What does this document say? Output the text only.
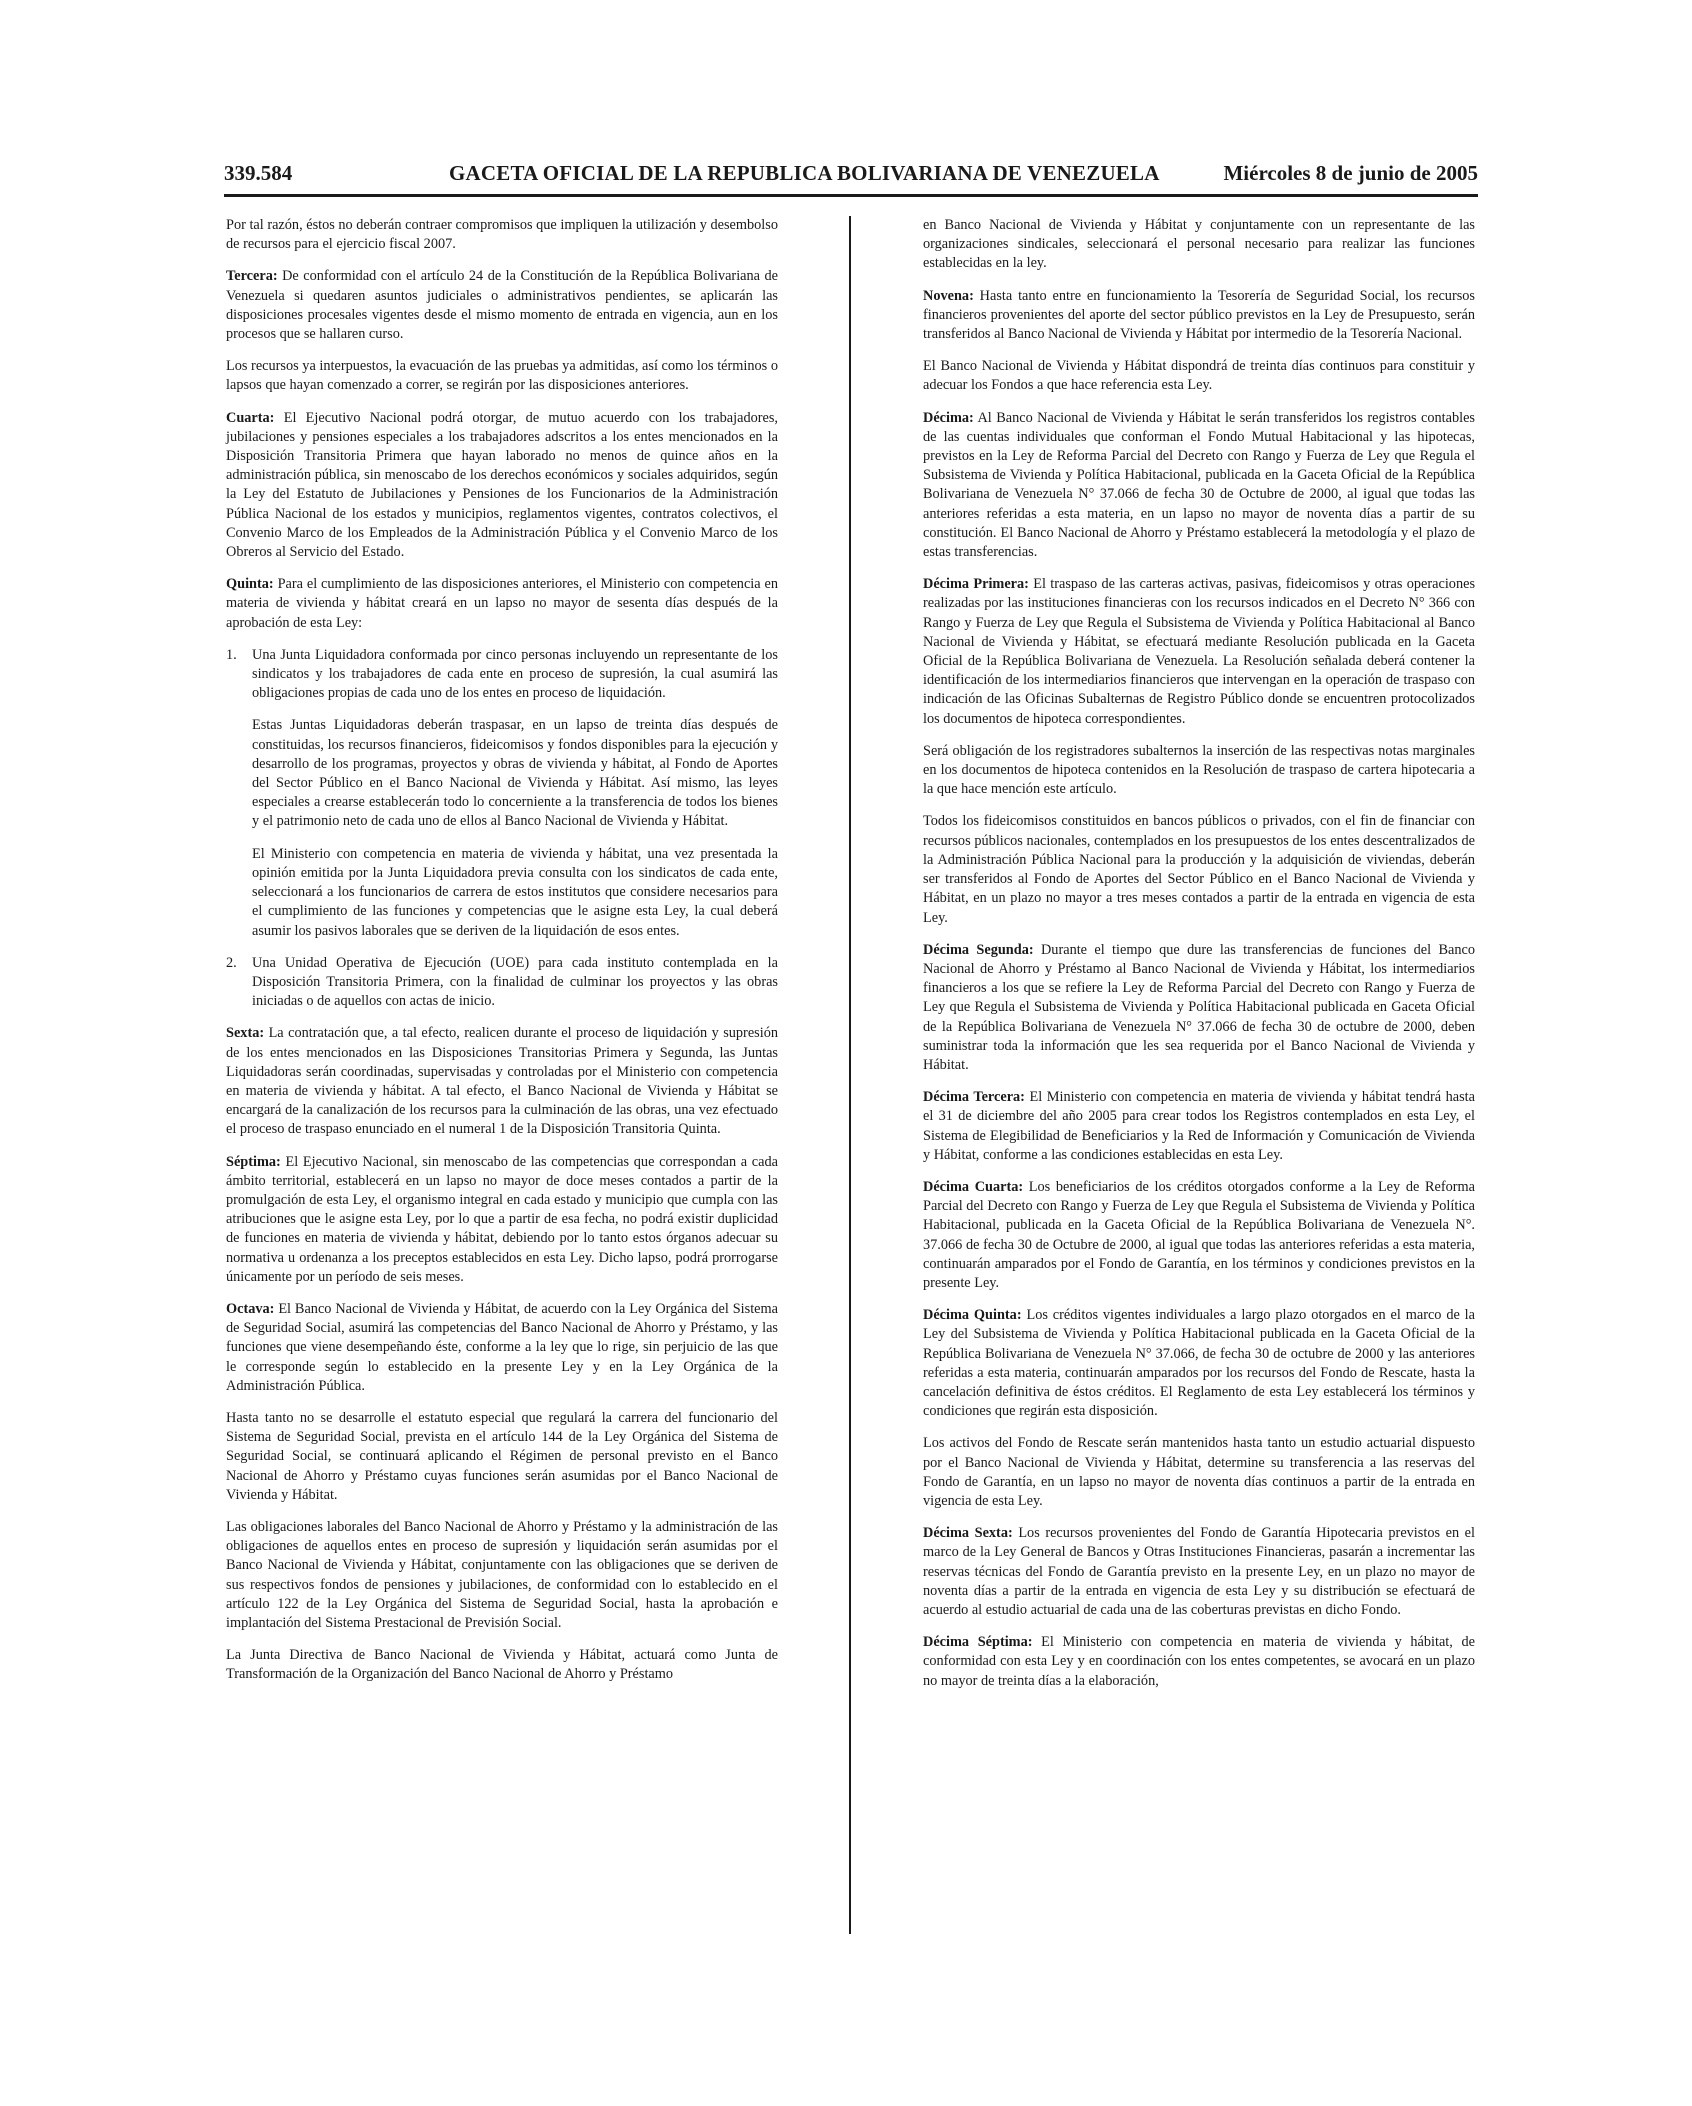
339.584	GACETA OFICIAL DE LA REPUBLICA BOLIVARIANA DE VENEZUELA	Miércoles 8 de junio de 2005

Por tal razón, éstos no deberán contraer compromisos que impliquen la utilización y desembolso de recursos para el ejercicio fiscal 2007.

Tercera: De conformidad con el artículo 24 de la Constitución de la República Bolivariana de Venezuela si quedaren asuntos judiciales o administrativos pendientes, se aplicarán las disposiciones procesales vigentes desde el mismo momento de entrada en vigencia, aun en los procesos que se hallaren curso.

Los recursos ya interpuestos, la evacuación de las pruebas ya admitidas, así como los términos o lapsos que hayan comenzado a correr, se regirán por las disposiciones anteriores.

Cuarta: El Ejecutivo Nacional podrá otorgar, de mutuo acuerdo con los trabajadores, jubilaciones y pensiones especiales a los trabajadores adscritos a los entes mencionados en la Disposición Transitoria Primera que hayan laborado no menos de quince años en la administración pública, sin menoscabo de los derechos económicos y sociales adquiridos, según la Ley del Estatuto de Jubilaciones y Pensiones de los Funcionarios de la Administración Pública Nacional de los estados y municipios, reglamentos vigentes, contratos colectivos, el Convenio Marco de los Empleados de la Administración Pública y el Convenio Marco de los Obreros al Servicio del Estado.

Quinta: Para el cumplimiento de las disposiciones anteriores, el Ministerio con competencia en materia de vivienda y hábitat creará en un lapso no mayor de sesenta días después de la aprobación de esta Ley:

1. Una Junta Liquidadora conformada por cinco personas incluyendo un representante de los sindicatos y los trabajadores de cada ente en proceso de supresión, la cual asumirá las obligaciones propias de cada uno de los entes en proceso de liquidación.

Estas Juntas Liquidadoras deberán traspasar, en un lapso de treinta días después de constituidas, los recursos financieros, fideicomisos y fondos disponibles para la ejecución y desarrollo de los programas, proyectos y obras de vivienda y hábitat, al Fondo de Aportes del Sector Público en el Banco Nacional de Vivienda y Hábitat. Así mismo, las leyes especiales a crearse establecerán todo lo concerniente a la transferencia de todos los bienes y el patrimonio neto de cada uno de ellos al Banco Nacional de Vivienda y Hábitat.

El Ministerio con competencia en materia de vivienda y hábitat, una vez presentada la opinión emitida por la Junta Liquidadora previa consulta con los sindicatos de cada ente, seleccionará a los funcionarios de carrera de estos institutos que considere necesarios para el cumplimiento de las funciones y competencias que le asigne esta Ley, la cual deberá asumir los pasivos laborales que se deriven de la liquidación de esos entes.

2. Una Unidad Operativa de Ejecución (UOE) para cada instituto contemplada en la Disposición Transitoria Primera, con la finalidad de culminar los proyectos y las obras iniciadas o de aquellos con actas de inicio.

Sexta: La contratación que, a tal efecto, realicen durante el proceso de liquidación y supresión de los entes mencionados en las Disposiciones Transitorias Primera y Segunda, las Juntas Liquidadoras serán coordinadas, supervisadas y controladas por el Ministerio con competencia en materia de vivienda y hábitat. A tal efecto, el Banco Nacional de Vivienda y Hábitat se encargará de la canalización de los recursos para la culminación de las obras, una vez efectuado el proceso de traspaso enunciado en el numeral 1 de la Disposición Transitoria Quinta.

Séptima: El Ejecutivo Nacional, sin menoscabo de las competencias que correspondan a cada ámbito territorial, establecerá en un lapso no mayor de doce meses contados a partir de la promulgación de esta Ley, el organismo integral en cada estado y municipio que cumpla con las atribuciones que le asigne esta Ley, por lo que a partir de esa fecha, no podrá existir duplicidad de funciones en materia de vivienda y hábitat, debiendo por lo tanto estos órganos adecuar su normativa u ordenanza a los preceptos establecidos en esta Ley. Dicho lapso, podrá prorrogarse únicamente por un período de seis meses.

Octava: El Banco Nacional de Vivienda y Hábitat, de acuerdo con la Ley Orgánica del Sistema de Seguridad Social, asumirá las competencias del Banco Nacional de Ahorro y Préstamo, y las funciones que viene desempeñando éste, conforme a la ley que lo rige, sin perjuicio de las que le corresponde según lo establecido en la presente Ley y en la Ley Orgánica de la Administración Pública.

Hasta tanto no se desarrolle el estatuto especial que regulará la carrera del funcionario del Sistema de Seguridad Social, prevista en el artículo 144 de la Ley Orgánica del Sistema de Seguridad Social, se continuará aplicando el Régimen de personal previsto en el Banco Nacional de Ahorro y Préstamo cuyas funciones serán asumidas por el Banco Nacional de Vivienda y Hábitat.

Las obligaciones laborales del Banco Nacional de Ahorro y Préstamo y la administración de las obligaciones de aquellos entes en proceso de supresión y liquidación serán asumidas por el Banco Nacional de Vivienda y Hábitat, conjuntamente con las obligaciones que se deriven de sus respectivos fondos de pensiones y jubilaciones, de conformidad con lo establecido en el artículo 122 de la Ley Orgánica del Sistema de Seguridad Social, hasta la aprobación e implantación del Sistema Prestacional de Previsión Social.

La Junta Directiva de Banco Nacional de Vivienda y Hábitat, actuará como Junta de Transformación de la Organización del Banco Nacional de Ahorro y Préstamo

en Banco Nacional de Vivienda y Hábitat y conjuntamente con un representante de las organizaciones sindicales, seleccionará el personal necesario para realizar las funciones establecidas en la ley.

Novena: Hasta tanto entre en funcionamiento la Tesorería de Seguridad Social, los recursos financieros provenientes del aporte del sector público previstos en la Ley de Presupuesto, serán transferidos al Banco Nacional de Vivienda y Hábitat por intermedio de la Tesorería Nacional.

El Banco Nacional de Vivienda y Hábitat dispondrá de treinta días continuos para constituir y adecuar los Fondos a que hace referencia esta Ley.

Décima: Al Banco Nacional de Vivienda y Hábitat le serán transferidos los registros contables de las cuentas individuales que conforman el Fondo Mutual Habitacional y las hipotecas, previstos en la Ley de Reforma Parcial del Decreto con Rango y Fuerza de Ley que Regula el Subsistema de Vivienda y Política Habitacional, publicada en la Gaceta Oficial de la República Bolivariana de Venezuela N° 37.066 de fecha 30 de Octubre de 2000, al igual que todas las anteriores referidas a esta materia, en un lapso no mayor de noventa días a partir de su constitución. El Banco Nacional de Ahorro y Préstamo establecerá la metodología y el plazo de estas transferencias.

Décima Primera: El traspaso de las carteras activas, pasivas, fideicomisos y otras operaciones realizadas por las instituciones financieras con los recursos indicados en el Decreto N° 366 con Rango y Fuerza de Ley que Regula el Subsistema de Vivienda y Política Habitacional al Banco Nacional de Vivienda y Hábitat, se efectuará mediante Resolución publicada en la Gaceta Oficial de la República Bolivariana de Venezuela. La Resolución señalada deberá contener la identificación de los intermediarios financieros que intervengan en la operación de traspaso con indicación de las Oficinas Subalternas de Registro Público donde se encuentren protocolizados los documentos de hipoteca correspondientes.

Será obligación de los registradores subalternos la inserción de las respectivas notas marginales en los documentos de hipoteca contenidos en la Resolución de traspaso de cartera hipotecaria a la que hace mención este artículo.

Todos los fideicomisos constituidos en bancos públicos o privados, con el fin de financiar con recursos públicos nacionales, contemplados en los presupuestos de los entes descentralizados de la Administración Pública Nacional para la producción y la adquisición de viviendas, deberán ser transferidos al Fondo de Aportes del Sector Público en el Banco Nacional de Vivienda y Hábitat, en un plazo no mayor a tres meses contados a partir de la entrada en vigencia de esta Ley.

Décima Segunda: Durante el tiempo que dure las transferencias de funciones del Banco Nacional de Ahorro y Préstamo al Banco Nacional de Vivienda y Hábitat, los intermediarios financieros a los que se refiere la Ley de Reforma Parcial del Decreto con Rango y Fuerza de Ley que Regula el Subsistema de Vivienda y Política Habitacional publicada en Gaceta Oficial de la República Bolivariana de Venezuela N° 37.066 de fecha 30 de octubre de 2000, deben suministrar toda la información que les sea requerida por el Banco Nacional de Vivienda y Hábitat.

Décima Tercera: El Ministerio con competencia en materia de vivienda y hábitat tendrá hasta el 31 de diciembre del año 2005 para crear todos los Registros contemplados en esta Ley, el Sistema de Elegibilidad de Beneficiarios y la Red de Información y Comunicación de Vivienda y Hábitat, conforme a las condiciones establecidas en esta Ley.

Décima Cuarta: Los beneficiarios de los créditos otorgados conforme a la Ley de Reforma Parcial del Decreto con Rango y Fuerza de Ley que Regula el Subsistema de Vivienda y Política Habitacional, publicada en la Gaceta Oficial de la República Bolivariana de Venezuela N°. 37.066 de fecha 30 de Octubre de 2000, al igual que todas las anteriores referidas a esta materia, continuarán amparados por el Fondo de Garantía, en los términos y condiciones previstos en la presente Ley.

Décima Quinta: Los créditos vigentes individuales a largo plazo otorgados en el marco de la Ley del Subsistema de Vivienda y Política Habitacional publicada en la Gaceta Oficial de la República Bolivariana de Venezuela N° 37.066, de fecha 30 de octubre de 2000 y las anteriores referidas a esta materia, continuarán amparados por los recursos del Fondo de Rescate, hasta la cancelación definitiva de éstos créditos. El Reglamento de esta Ley establecerá los términos y condiciones que regirán esta disposición.

Los activos del Fondo de Rescate serán mantenidos hasta tanto un estudio actuarial dispuesto por el Banco Nacional de Vivienda y Hábitat, determine su transferencia a las reservas del Fondo de Garantía, en un lapso no mayor de noventa días continuos a partir de la entrada en vigencia de esta Ley.

Décima Sexta: Los recursos provenientes del Fondo de Garantía Hipotecaria previstos en el marco de la Ley General de Bancos y Otras Instituciones Financieras, pasarán a incrementar las reservas técnicas del Fondo de Garantía previsto en la presente Ley, en un plazo no mayor de noventa días a partir de la entrada en vigencia de esta Ley y su distribución se efectuará de acuerdo al estudio actuarial de cada una de las coberturas previstas en dicho Fondo.

Décima Séptima: El Ministerio con competencia en materia de vivienda y hábitat, de conformidad con esta Ley y en coordinación con los entes competentes, se avocará en un plazo no mayor de treinta días a la elaboración,
